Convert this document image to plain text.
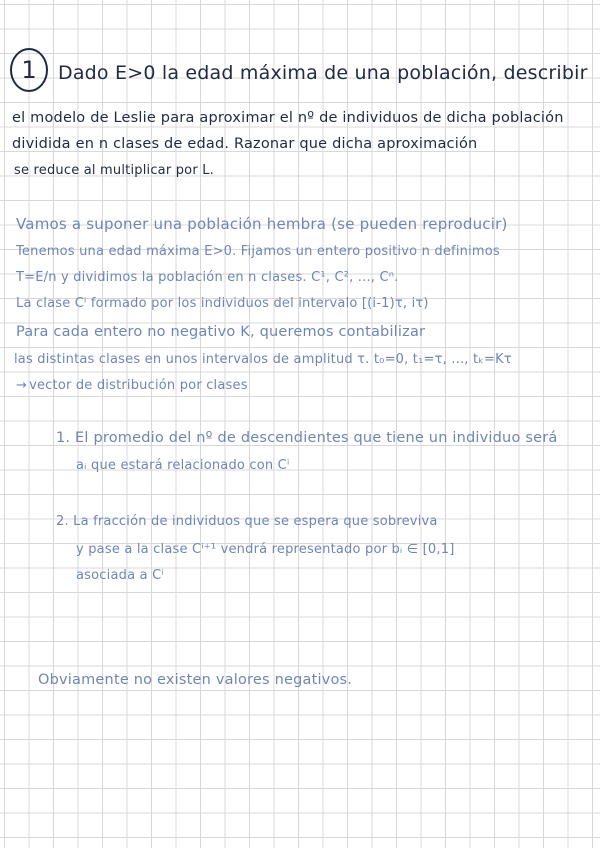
1 Dado E>0 la edad máxima de una población, describir
el modelo de Leslie para aproximar el nº de individuos de dicha población
dividida en n clases de edad. Razonar que dicha aproximación
se reduce al multiplicar por L.
Vamos a suponer una población hembra (se pueden reproducir)
Tenemos una edad máxima E>0. Fijamos un entero positivo n definimos
T=E/n y dividimos la población en n clases. C¹, C², ..., Cⁿ.
La clase Cⁱ formado por los individuos del intervalo [(i-1)τ, iτ)
Para cada entero no negativo K, queremos contabilizar
las distintas clases en unos intervalos de amplitud τ. t₀=0, t₁=τ, ..., tₖ=Kτ
→ vector de distribución por clases
1. El promedio del nº de descendientes que tiene un individuo será
aᵢ que estará relacionado con Cⁱ
2. La fracción de individuos que se espera que sobreviva
y pase a la clase Cⁱ⁺¹ vendrá representado por bᵢ ∈ [0,1]
asociada a Cⁱ
Obviamente no existen valores negativos.
